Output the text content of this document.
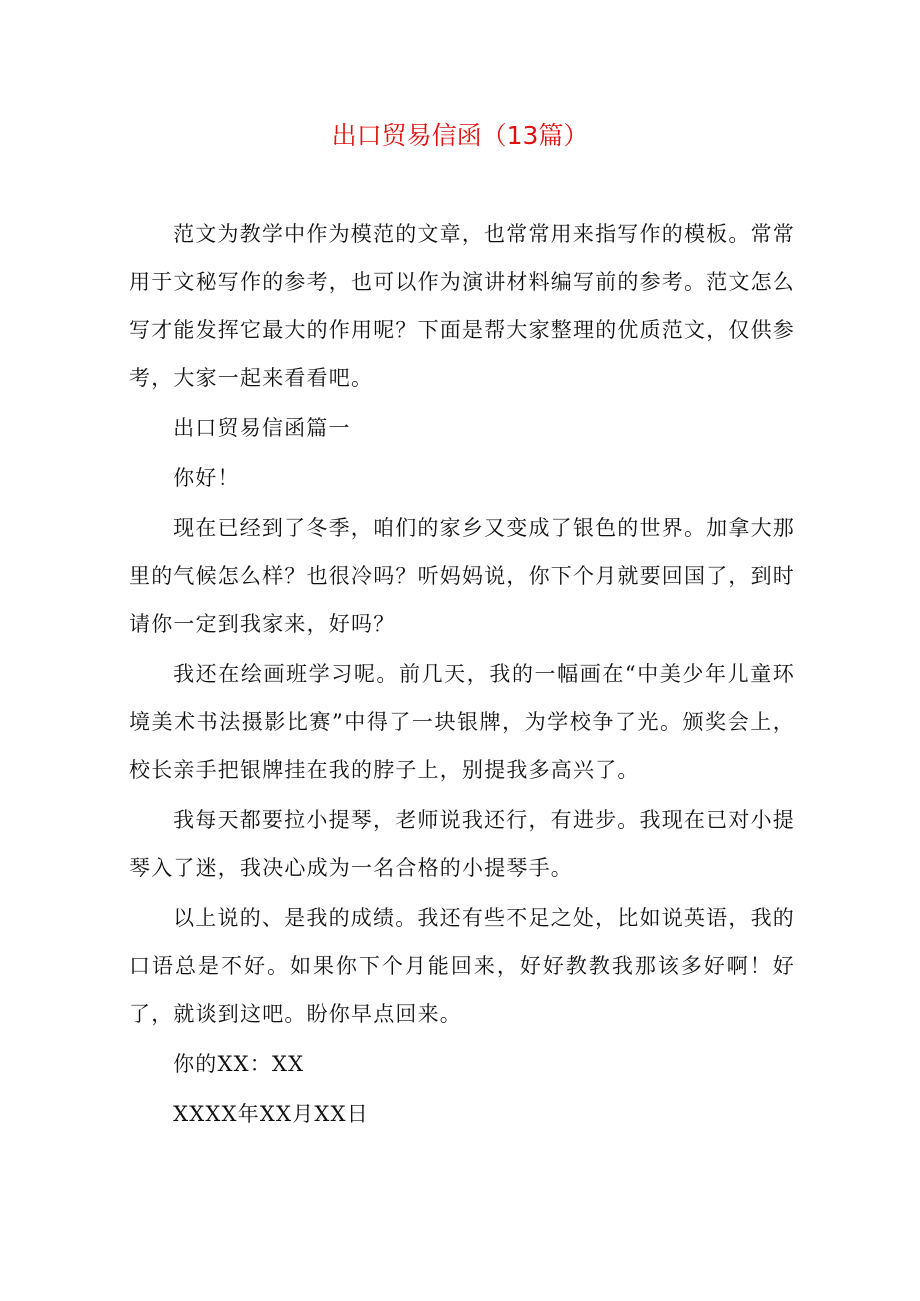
出口贸易信函（13篇）

范文为教学中作为模范的文章，也常常用来指写作的模板。常常用于文秘写作的参考，也可以作为演讲材料编写前的参考。范文怎么写才能发挥它最大的作用呢？下面是帮大家整理的优质范文，仅供参考，大家一起来看看吧。

出口贸易信函篇一

你好！

现在已经到了冬季，咱们的家乡又变成了银色的世界。加拿大那里的气候怎么样？也很冷吗？听妈妈说，你下个月就要回国了，到时请你一定到我家来，好吗？

我还在绘画班学习呢。前几天，我的一幅画在“中美少年儿童环境美术书法摄影比赛”中得了一块银牌，为学校争了光。颁奖会上，校长亲手把银牌挂在我的脖子上，别提我多高兴了。

我每天都要拉小提琴，老师说我还行，有进步。我现在已对小提琴入了迷，我决心成为一名合格的小提琴手。

以上说的、是我的成绩。我还有些不足之处，比如说英语，我的口语总是不好。如果你下个月能回来，好好教教我那该多好啊！好了，就谈到这吧。盼你早点回来。

你的XX：XX

XXXX年XX月XX日
